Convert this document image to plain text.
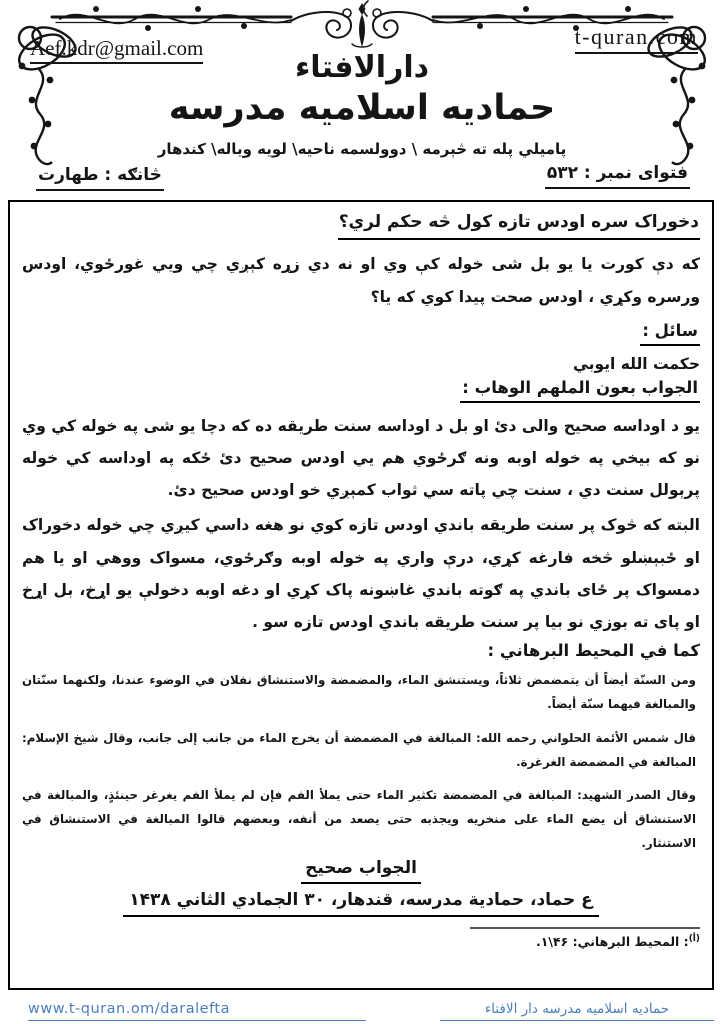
Aef.kdr@gmail.com	t-quran.com
دارالافتاء
حماديه اسلاميه مدرسه
پاميلي پله ته څېرمه \ دوولسمه ناحيه\ لويه وياله\ كندهار
فتوای نمبر : ۵۳۲
څانګه : طهارت
دخوراک سره اودس تازه کول څه حکم لري؟

که دې کورت يا يو بل شی خوله کې وي او نه دي زړه کېږي چي ويي غورځوي، اودس ورسره وکړي ، اودس صحت پيدا کوي که يا؟

سائل :
حکمت الله ايوبي
الجواب بعون الملهم الوهاب :

يو د اوداسه صحيح والی دئ او بل د اوداسه سنت طريقه ده که دچا يو شی په خوله کي وي نو که بيخي په خوله اوبه ونه ګرځوي هم يي اودس صحيح دئ ځکه په اوداسه کي خوله پرېولل سنت دي ، سنت چي پاته سي ثواب کمېږي خو اودس صحيح دئ.

البته که څوک پر سنت طريقه باندي اودس تازه کوي نو هغه داسي کيږي چي خوله دخوراک او ځبېښلو څخه فارغه کړي، درې واري په خوله اوبه وګرځوي، مسواک ووهي او يا هم دمسواک پر ځای باندي په ګوته باندي غاښونه پاک کړي او دغه اوبه دخولې يو اړخ، بل اړخ او پای ته بوزي نو بيا پر سنت طريقه باندي اودس تازه سو .

کما في المحيط البرهاني :

ومن السنّة أيضاً أن يتمضمض ثلاثاً، ويستنشق الماء، والمضمضة والاستنشاق نفلان في الوضوء عندنا، ولكنهما سنّتان والمبالغة فيهما سنّة أيضاً.

قال شمس الأئمة الحلواني رحمه الله: المبالغة في المضمضة أن يخرج الماء من جانب إلى جانب، وقال شيخ الإسلام: المبالغة في المضمضة الغرغرة.

وقال الصدر الشهيد: المبالغة في المضمضة تكثير الماء حتى يملأ الفم فإن لم يملأ الفم يغرغر حينئذٍ، والمبالغة في الاستنشاق أن يضع الماء على منخريه ويجذبه حتى يصعد من أنفه، وبعضهم قالوا المبالغة في الاستنشاق في الاستنثار.

الجواب صحيح
ع حماد، حمادية مدرسه، قندهار، ۳۰ الجمادي الثاني ۱۴۳۸
$^{(أ)}$: المحيط البرهاني: ۴۶\۱.
www.t-quran.om/daralefta	حماديه اسلاميه مدرسه دار الافتاء
